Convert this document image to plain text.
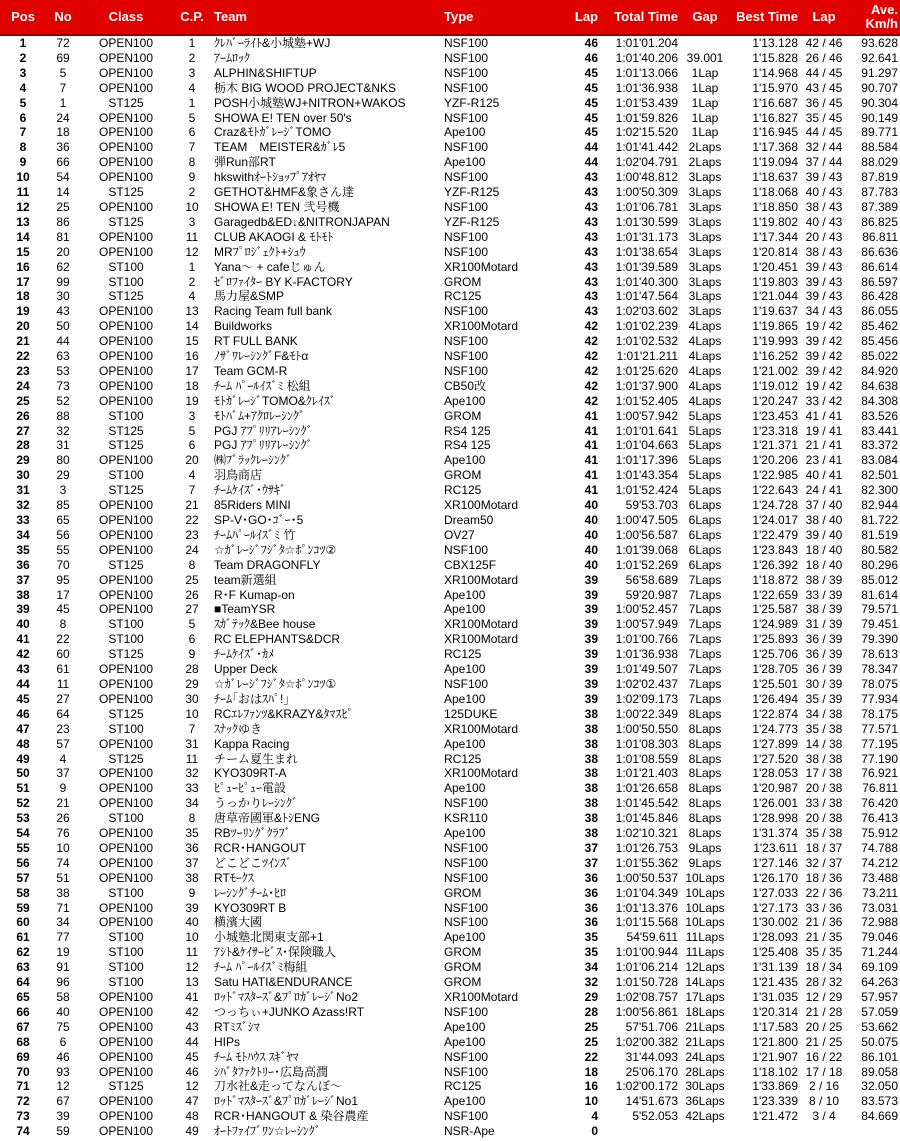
Pos	No	Class	C.P.	Team	Type	Lap	Total Time	Gap	Best Time	Lap	Ave.
Km/h
1	72	OPEN100	1	ｸﾚﾊﾞｰﾗｲﾄ&小城塾+WJ	NSF100	46	1:01'01.204		1'13.128	42 / 46	93.628
2	69	OPEN100	2	ｱｰﾑﾛｯｸ	NSF100	46	1:01'40.206	39.001	1'15.828	26 / 46	92.641
3	5	OPEN100	3	ALPHIN&SHIFTUP	NSF100	45	1:01'13.066	1Lap	1'14.968	44 / 45	91.297
4	7	OPEN100	4	栃木 BIG WOOD PROJECT&NKS	NSF100	45	1:01'36.938	1Lap	1'15.970	43 / 45	90.707
5	1	ST125	1	POSH小城塾WJ+NITRON+WAKOS	YZF-R125	45	1:01'53.439	1Lap	1'16.687	36 / 45	90.304
6	24	OPEN100	5	SHOWA E! TEN over 50's	NSF100	45	1:01'59.826	1Lap	1'16.827	35 / 45	90.149
7	18	OPEN100	6	Craz&ﾓﾄｶﾞﾚｰｼﾞTOMO	Ape100	45	1:02'15.520	1Lap	1'16.945	44 / 45	89.771
8	36	OPEN100	7	TEAM　MEISTER&ｶﾞﾚ5	NSF100	44	1:01'41.442	2Laps	1'17.368	32 / 44	88.584
9	66	OPEN100	8	弾Run部RT	Ape100	44	1:02'04.791	2Laps	1'19.094	37 / 44	88.029
10	54	OPEN100	9	hkswithｵｰﾄｼｮｯﾌﾟｱｵﾔﾏ	NSF100	43	1:00'48.812	3Laps	1'18.637	39 / 43	87.819
11	14	ST125	2	GETHOT&HMF&象さん達	YZF-R125	43	1:00'50.309	3Laps	1'18.068	40 / 43	87.783
12	25	OPEN100	10	SHOWA E! TEN 弐号機	NSF100	43	1:01'06.781	3Laps	1'18.850	38 / 43	87.389
13	86	ST125	3	Garagedb&ED↓&NITRONJAPAN	YZF-R125	43	1:01'30.599	3Laps	1'19.802	40 / 43	86.825
14	81	OPEN100	11	CLUB AKAOGI & ﾓﾄﾓﾄ	NSF100	43	1:01'31.173	3Laps	1'17.344	20 / 43	86.811
15	20	OPEN100	12	MRﾌﾟﾛｼﾞｪｸﾄ+ｼｭｳ	NSF100	43	1:01'38.654	3Laps	1'20.814	38 / 43	86.636
16	62	ST100	1	Yana～ + cafeじゅん	XR100Motard	43	1:01'39.589	3Laps	1'20.451	39 / 43	86.614
17	99	ST100	2	ｾﾞﾛﾌｧｲﾀｰ BY K-FACTORY	GROM	43	1:01'40.300	3Laps	1'19.803	39 / 43	86.597
18	30	ST125	4	馬力屋&SMP	RC125	43	1:01'47.564	3Laps	1'21.044	39 / 43	86.428
19	43	OPEN100	13	Racing Team full bank	NSF100	43	1:02'03.602	3Laps	1'19.637	34 / 43	86.055
20	50	OPEN100	14	Buildworks	XR100Motard	42	1:01'02.239	4Laps	1'19.865	19 / 42	85.462
21	44	OPEN100	15	RT FULL BANK	NSF100	42	1:01'02.532	4Laps	1'19.993	39 / 42	85.456
22	63	OPEN100	16	ﾉｻﾞﾜﾚｰｼﾝｸﾞF&ﾓﾄα	NSF100	42	1:01'21.211	4Laps	1'16.252	39 / 42	85.022
23	53	OPEN100	17	Team GCM-R	NSF100	42	1:01'25.620	4Laps	1'21.002	39 / 42	84.920
24	73	OPEN100	18	ﾁｰﾑ ﾊﾟｰﾙｲｽﾞﾐ 松組	CB50改	42	1:01'37.900	4Laps	1'19.012	19 / 42	84.638
25	52	OPEN100	19	ﾓﾄｶﾞﾚｰｼﾞTOMO&ｸﾚｲｽﾞ	Ape100	42	1:01'52.405	4Laps	1'20.247	33 / 42	84.308
26	88	ST100	3	ﾓﾄﾊﾞﾑ+ｱｸﾛﾚｰｼﾝｸﾞ	GROM	41	1:00'57.942	5Laps	1'23.453	41 / 41	83.526
27	32	ST125	5	PGJ ｱﾌﾟﾘﾘｱﾚｰｼﾝｸﾞ	RS4 125	41	1:01'01.641	5Laps	1'23.318	19 / 41	83.441
28	31	ST125	6	PGJ ｱﾌﾟﾘﾘｱﾚｰｼﾝｸﾞ	RS4 125	41	1:01'04.663	5Laps	1'21.371	21 / 41	83.372
29	80	OPEN100	20	㈱ﾌﾞﾗｯｸﾚｰｼﾝｸﾞ	Ape100	41	1:01'17.396	5Laps	1'20.206	23 / 41	83.084
30	29	ST100	4	羽鳥商店	GROM	41	1:01'43.354	5Laps	1'22.985	40 / 41	82.501
31	3	ST125	7	ﾁｰﾑｹｲｽﾞ･ｳｻｷﾞ	RC125	41	1:01'52.424	5Laps	1'22.643	24 / 41	82.300
32	85	OPEN100	21	85Riders MINI	XR100Motard	40	59'53.703	6Laps	1'24.728	37 / 40	82.944
33	65	OPEN100	22	SP-V･GO･ｺﾞｰ･5	Dream50	40	1:00'47.505	6Laps	1'24.017	38 / 40	81.722
34	56	OPEN100	23	ﾁｰﾑﾊﾟｰﾙｲｽﾞﾐ 竹	OV27	40	1:00'56.587	6Laps	1'22.479	39 / 40	81.519
35	55	OPEN100	24	☆ｶﾞﾚｰｼﾞﾌｼﾞﾀ☆ﾎﾟﾝｺﾂ②	NSF100	40	1:01'39.068	6Laps	1'23.843	18 / 40	80.582
36	70	ST125	8	Team DRAGONFLY	CBX125F	40	1:01'52.269	6Laps	1'26.392	18 / 40	80.296
37	95	OPEN100	25	team新選組	XR100Motard	39	56'58.689	7Laps	1'18.872	38 / 39	85.012
38	17	OPEN100	26	R･F Kumap-on	Ape100	39	59'20.987	7Laps	1'22.659	33 / 39	81.614
39	45	OPEN100	27	■TeamYSR	Ape100	39	1:00'52.457	7Laps	1'25.587	38 / 39	79.571
40	8	ST100	5	ｽｶﾞﾃｯｸ&Bee house	XR100Motard	39	1:00'57.949	7Laps	1'24.989	31 / 39	79.451
41	22	ST100	6	RC ELEPHANTS&DCR	XR100Motard	39	1:01'00.766	7Laps	1'25.893	36 / 39	79.390
42	60	ST125	9	ﾁｰﾑｹｲｽﾞ･ｶﾒ	RC125	39	1:01'36.938	7Laps	1'25.706	36 / 39	78.613
43	61	OPEN100	28	Upper Deck	Ape100	39	1:01'49.507	7Laps	1'28.705	36 / 39	78.347
44	11	OPEN100	29	☆ｶﾞﾚｰｼﾞﾌｼﾞﾀ☆ﾎﾟﾝｺﾂ①	NSF100	39	1:02'02.437	7Laps	1'25.501	30 / 39	78.075
45	27	OPEN100	30	ﾁｰﾑ｢おはｽﾊﾟ!｣	Ape100	39	1:02'09.173	7Laps	1'26.494	35 / 39	77.934
46	64	ST125	10	RCｴﾚﾌｧﾝﾂ&KRAZY&ﾀﾏｽﾋﾟ	125DUKE	38	1:00'22.349	8Laps	1'22.874	34 / 38	78.175
47	23	ST100	7	ｽﾅｯｸゆき	XR100Motard	38	1:00'50.550	8Laps	1'24.773	35 / 38	77.571
48	57	OPEN100	31	Kappa Racing	Ape100	38	1:01'08.303	8Laps	1'27.899	14 / 38	77.195
49	4	ST125	11	チーム夏生まれ	RC125	38	1:01'08.559	8Laps	1'27.520	38 / 38	77.190
50	37	OPEN100	32	KYO309RT-A	XR100Motard	38	1:01'21.403	8Laps	1'28.053	17 / 38	76.921
51	9	OPEN100	33	ﾋﾟｭｰﾋﾟｭｰ電設	Ape100	38	1:01'26.658	8Laps	1'20.987	20 / 38	76.811
52	21	OPEN100	34	うっかりﾚｰｼﾝｸﾞ	NSF100	38	1:01'45.542	8Laps	1'26.001	33 / 38	76.420
53	26	ST100	8	唐草帝國軍&ﾄｼENG	KSR110	38	1:01'45.846	8Laps	1'28.998	20 / 38	76.413
54	76	OPEN100	35	RBﾂｰﾘﾝｸﾞｸﾗﾌﾞ	Ape100	38	1:02'10.321	8Laps	1'31.374	35 / 38	75.912
55	10	OPEN100	36	RCR･HANGOUT	NSF100	37	1:01'26.753	9Laps	1'23.611	18 / 37	74.788
56	74	OPEN100	37	どこどこﾂｲﾝｽﾞ	NSF100	37	1:01'55.362	9Laps	1'27.146	32 / 37	74.212
57	51	OPEN100	38	RTﾓｰｸｽ	NSF100	36	1:00'50.537	10Laps	1'26.170	18 / 36	73.488
58	38	ST100	9	ﾚｰｼﾝｸﾞﾁｰﾑ･ﾋﾛ	GROM	36	1:01'04.349	10Laps	1'27.033	22 / 36	73.211
59	71	OPEN100	39	KYO309RT B	NSF100	36	1:01'13.376	10Laps	1'27.173	33 / 36	73.031
60	34	OPEN100	40	横濱大國	NSF100	36	1:01'15.568	10Laps	1'30.002	21 / 36	72.988
61	77	ST100	10	小城塾北関東支部+1	Ape100	35	54'59.611	11Laps	1'28.093	21 / 35	79.046
62	19	ST100	11	ｱｼﾄ&ｹｲｻｰﾋﾞｽ･保険職人	GROM	35	1:01'00.944	11Laps	1'25.408	35 / 35	71.244
63	91	ST100	12	ﾁｰﾑ ﾊﾟｰﾙｲｽﾞﾐ梅組	GROM	34	1:01'06.214	12Laps	1'31.139	18 / 34	69.109
64	96	ST100	13	Satu HATI&ENDURANCE	GROM	32	1:01'50.728	14Laps	1'21.435	28 / 32	64.263
65	58	OPEN100	41	ﾛｯﾄﾞﾏｽﾀｰｽﾞ&ﾌﾟﾛｶﾞﾚｰｼﾞNo2	XR100Motard	29	1:02'08.757	17Laps	1'31.035	12 / 29	57.957
66	40	OPEN100	42	つっちぃ+JUNKO Azass!RT	NSF100	28	1:00'56.861	18Laps	1'20.314	21 / 28	57.059
67	75	OPEN100	43	RTﾐｽﾞｼﾏ	Ape100	25	57'51.706	21Laps	1'17.583	20 / 25	53.662
68	6	OPEN100	44	HIPs	Ape100	25	1:02'00.382	21Laps	1'21.800	21 / 25	50.075
69	46	OPEN100	45	ﾁｰﾑ ﾓﾄﾊｳｽ ｽｷﾞﾔﾏ	NSF100	22	31'44.093	24Laps	1'21.907	16 / 22	86.101
70	93	OPEN100	46	ｼﾊﾞﾀﾌｧｸﾄﾘｰ･広島高潤	NSF100	18	25'06.170	28Laps	1'18.102	17 / 18	89.058
71	12	ST125	12	刀水社&走ってなんぼ～	RC125	16	1:02'00.172	30Laps	1'33.869	2 / 16	32.050
72	67	OPEN100	47	ﾛｯﾄﾞﾏｽﾀｰｽﾞ&ﾌﾟﾛｶﾞﾚｰｼﾞNo1	Ape100	10	14'51.673	36Laps	1'23.339	8 / 10	83.573
73	39	OPEN100	48	RCR･HANGOUT & 染谷農産	NSF100	4	5'52.053	42Laps	1'21.472	3 / 4	84.669
74	59	OPEN100	49	ｵｰﾄﾌｧｲﾌﾞﾜﾝ☆ﾚｰｼﾝｸﾞ	NSR-Ape	0					
